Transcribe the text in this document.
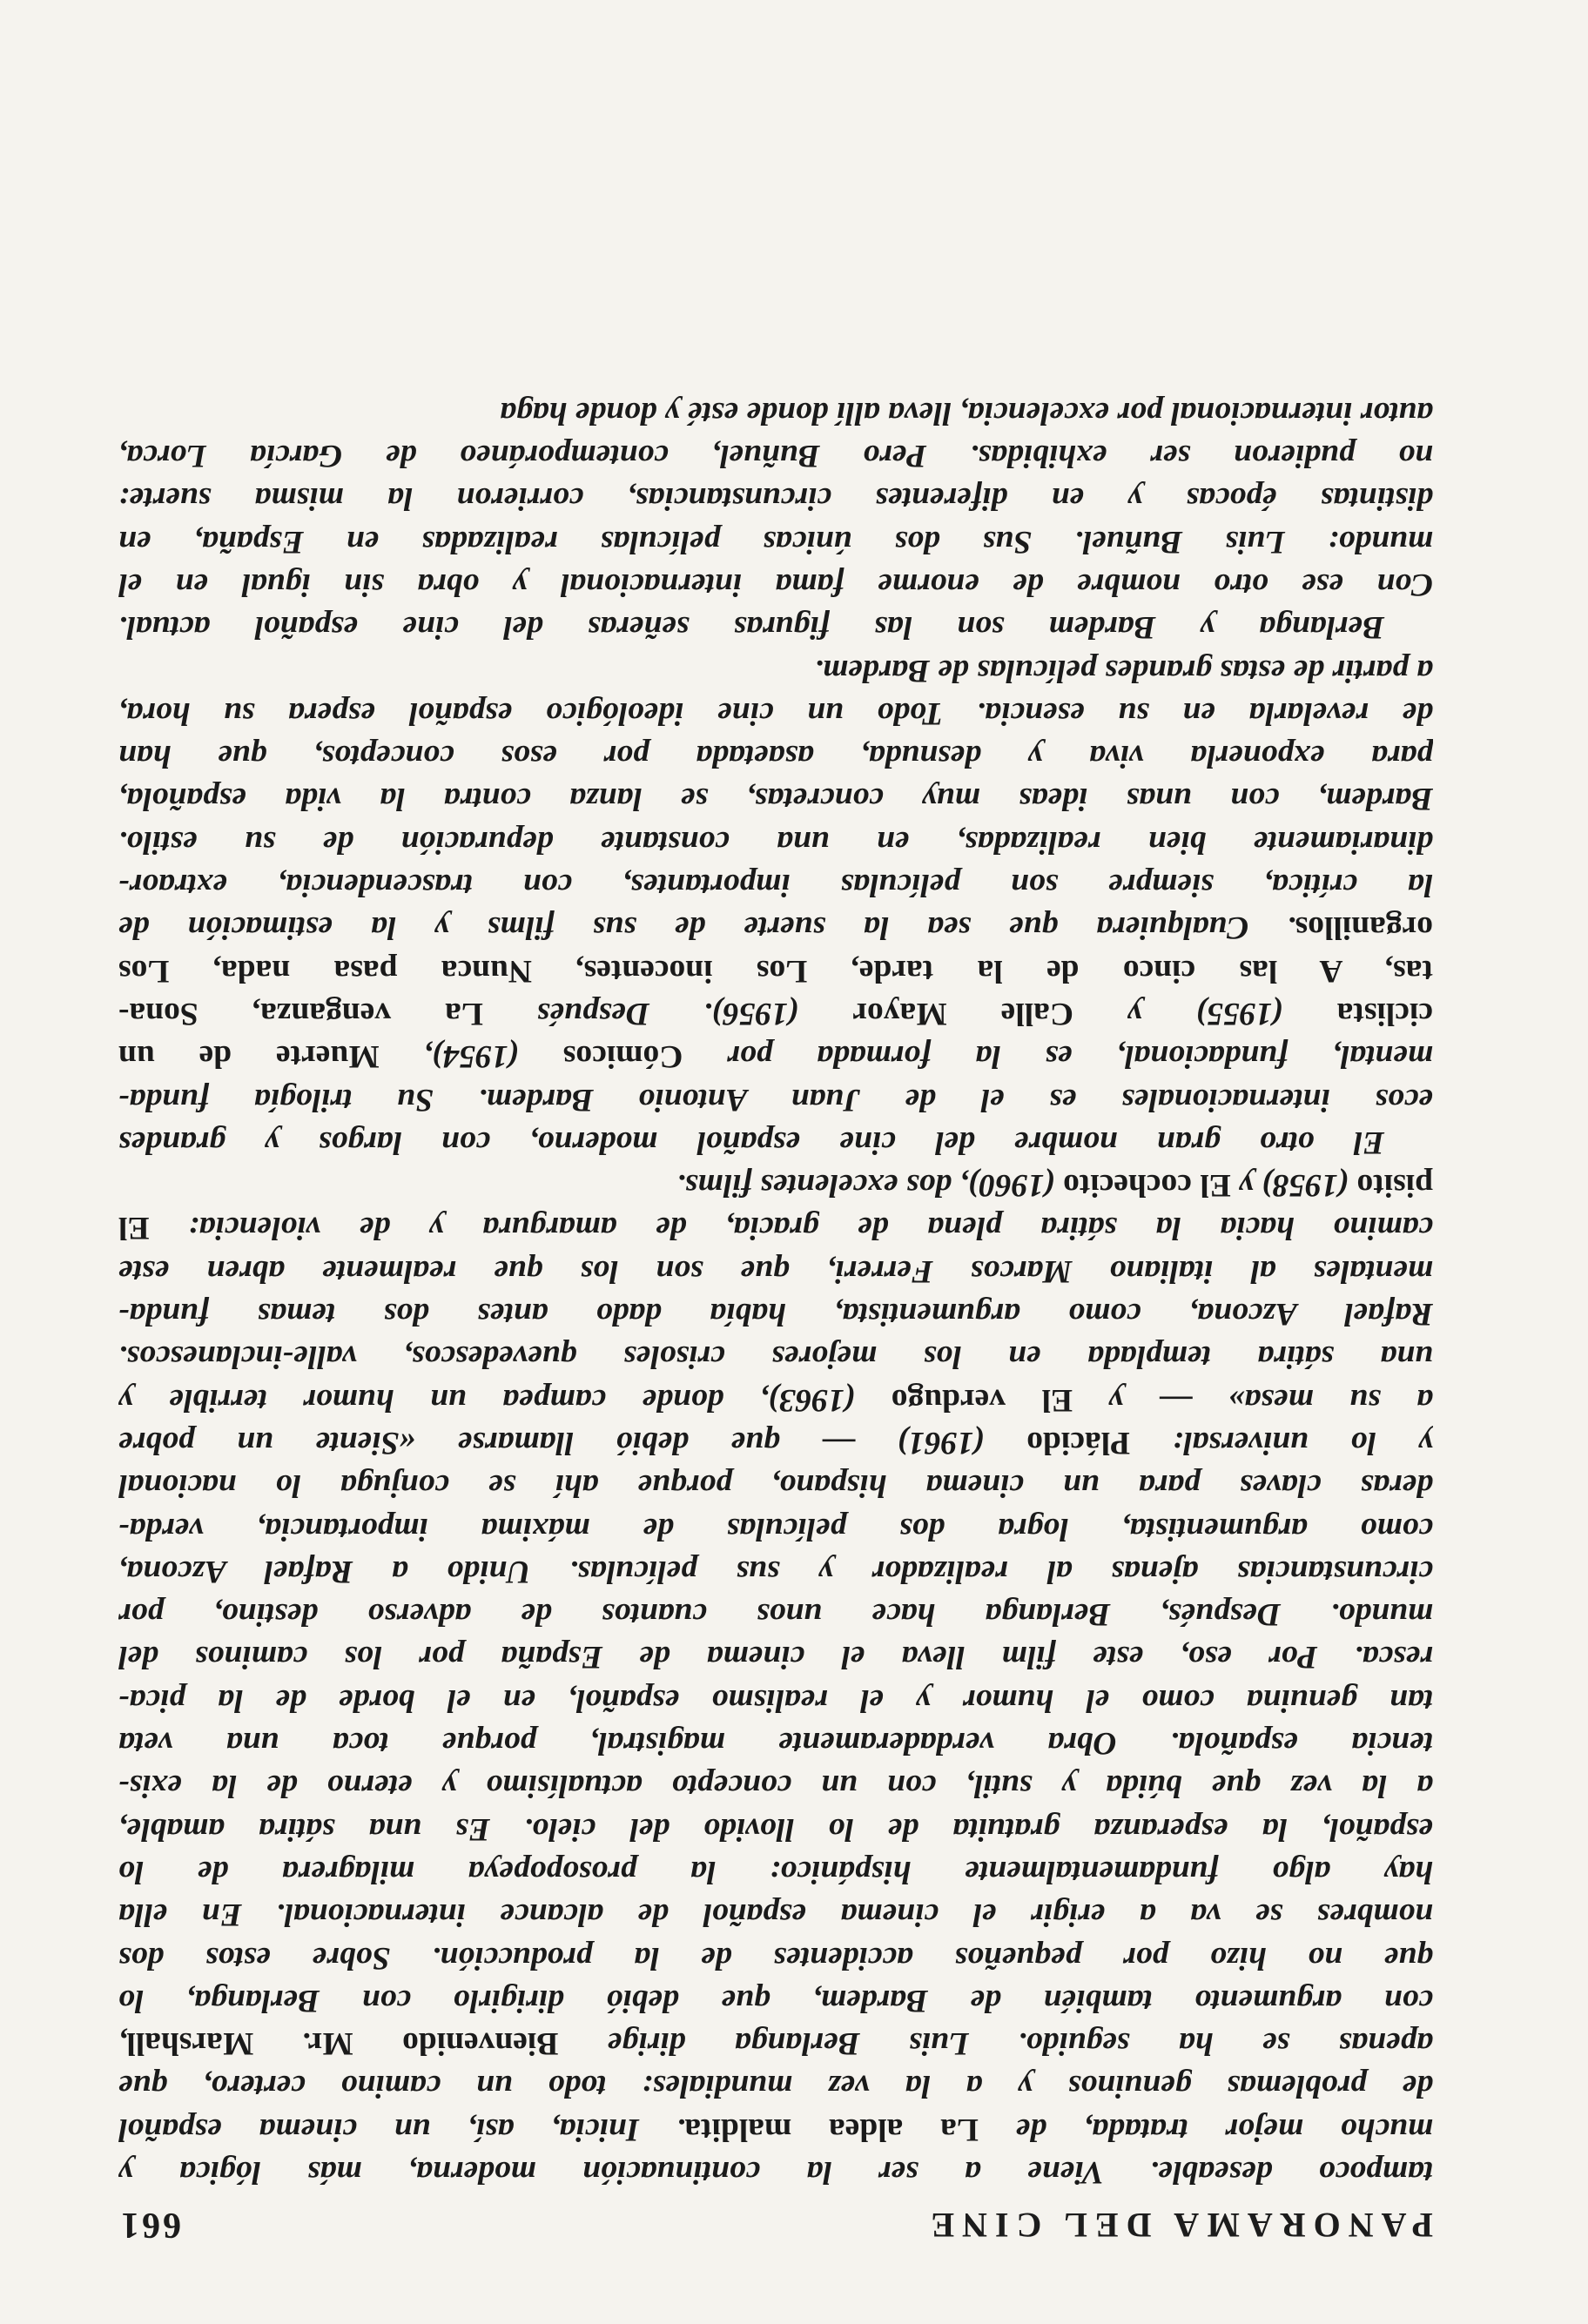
PANORAMA DEL CINE
661
tampoco deseable. Viene a ser la continuación moderna, más lógica y
mucho mejor tratada, de La aldea maldita. Inicia, así, un cinema español
de problemas genuinos y a la vez mundiales: todo un camino certero, que
apenas se ha seguido. Luis Berlanga dirige Bienvenido Mr. Marshall,
con argumento también de Bardem, que debió dirigirlo con Berlanga, lo
que no hizo por pequeños accidentes de la producción. Sobre estos dos
nombres se va a erigir el cinema español de alcance internacional. En ella
hay algo fundamentalmente hispánico: la prosopopeya milagrera de lo
español, la esperanza gratuita de lo llovido del cielo. Es una sátira amable,
a la vez que búida y sutil, con un concepto actualísimo y eterno de la exis-
tencia española. Obra verdaderamente magistral, porque toca una veta
tan genuina como el humor y el realismo español, en el borde de la pica-
resca. Por eso, este film lleva el cinema de España por los caminos del
mundo. Después, Berlanga hace unos cuantos de adverso destino, por
circunstancias ajenas al realizador y sus películas. Unido a Rafael Azcona,
como argumentista, logra dos películas de máxima importancia, verda-
deras claves para un cinema hispano, porque ahí se conjuga lo nacional
y lo universal: Plácido (1961) — que debió llamarse «Siente un pobre
a su mesa» — y El verdugo (1963), donde campea un humor terrible y
una sátira templada en los mejores crisoles quevedescos, valle-inclanescos.
Rafael Azcona, como argumentista, había dado antes dos temas funda-
mentales al italiano Marcos Ferreri, que son los que realmente abren este
camino hacia la sátira plena de gracia, de amargura y de violencia: El
pisito (1958) y El cochecito (1960), dos excelentes films.
El otro gran nombre del cine español moderno, con largos y grandes
ecos internacionales es el de Juan Antonio Bardem. Su trilogía funda-
mental, fundacional, es la formada por Cómicos (1954), Muerte de un
ciclista (1955) y Calle Mayor (1956). Después La venganza, Sona-
tas, A las cinco de la tarde, Los inocentes, Nunca pasa nada, Los
organillos. Cualquiera que sea la suerte de sus films y la estimación de
la crítica, siempre son películas importantes, con trascendencia, extraor-
dinariamente bien realizadas, en una constante depuración de su estilo.
Bardem, con unas ideas muy concretas, se lanza contra la vida española,
para exponerla viva y desnuda, asaetada por esos conceptos, que han
de revelarla en su esencia. Todo un cine ideológico español espera su hora,
a partir de estas grandes películas de Bardem.
Berlanga y Bardem son las figuras señeras del cine español actual.
Con ese otro nombre de enorme fama internacional y obra sin igual en el
mundo: Luis Buñuel. Sus dos únicas películas realizadas en España, en
distintas épocas y en diferentes circunstancias, corrieron la misma suerte:
no pudieron ser exhibidas. Pero Buñuel, contemporáneo de García Lorca,
autor internacional por excelencia, lleva allí donde esté y donde haga
